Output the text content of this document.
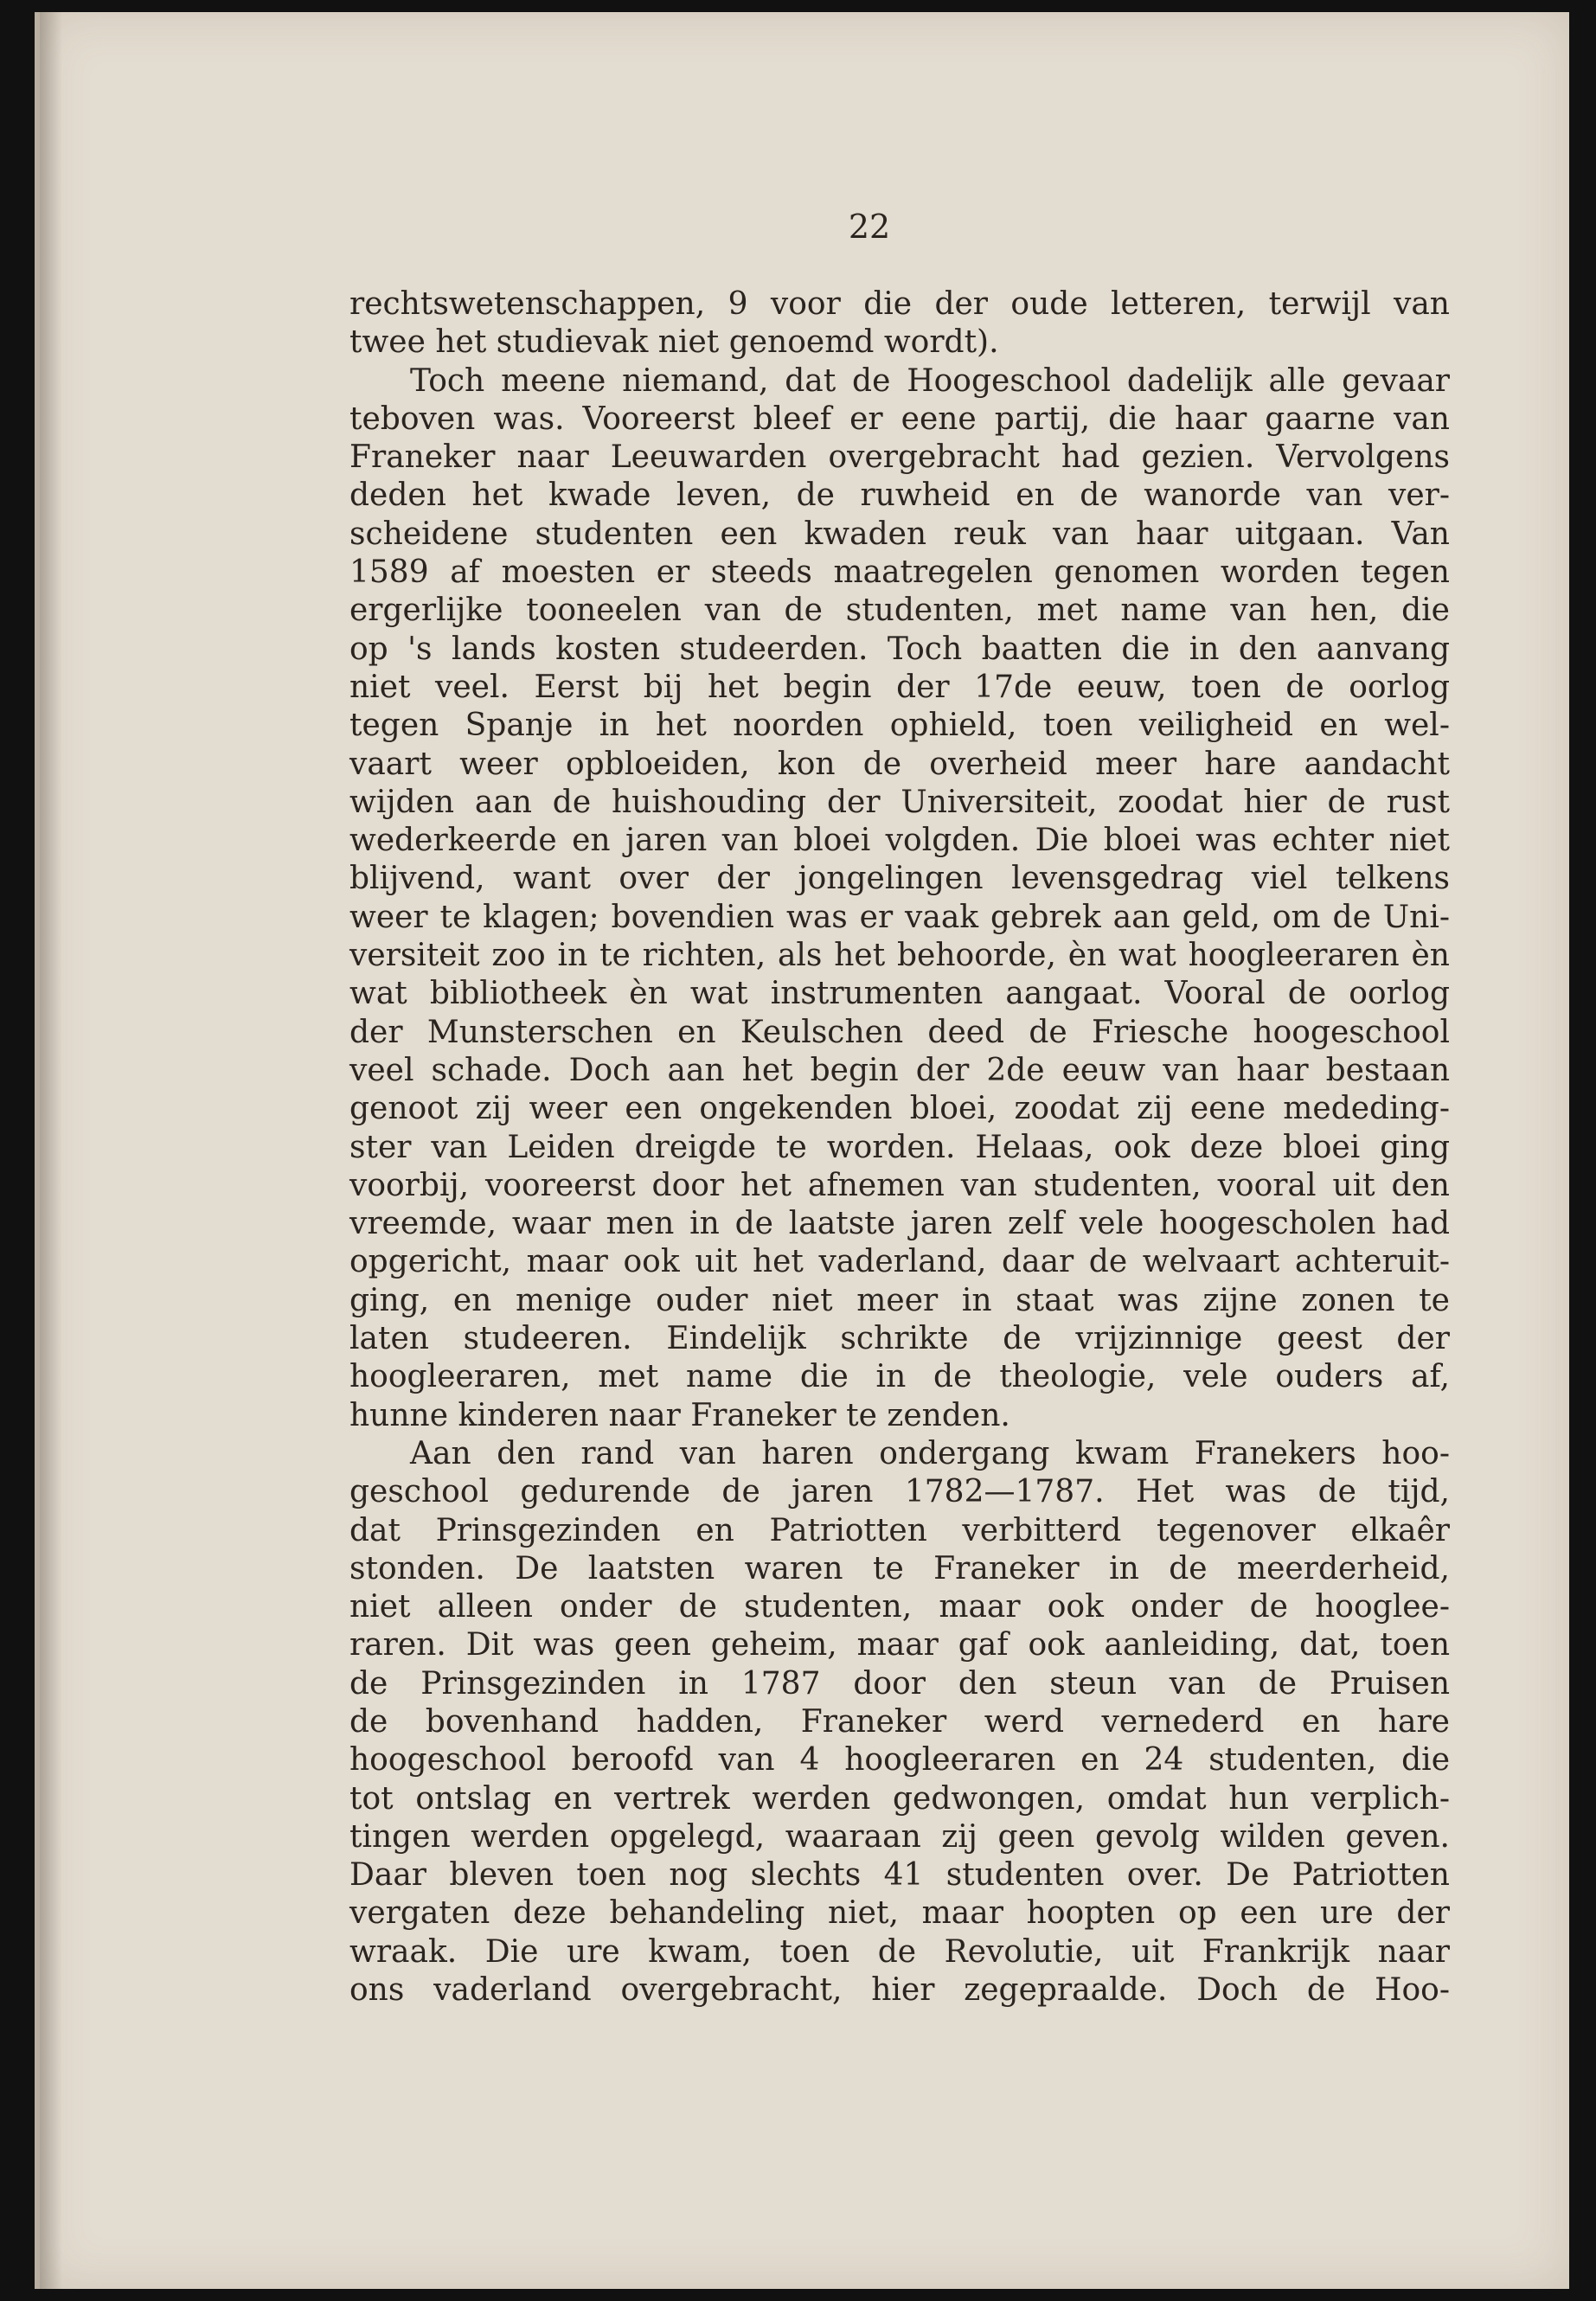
22
rechtswetenschappen, 9 voor die der oude letteren, terwijl van
twee het studievak niet genoemd wordt).
Toch meene niemand, dat de Hoogeschool dadelijk alle gevaar
teboven was. Vooreerst bleef er eene partij, die haar gaarne van
Franeker naar Leeuwarden overgebracht had gezien. Vervolgens
deden het kwade leven, de ruwheid en de wanorde van ver-
scheidene studenten een kwaden reuk van haar uitgaan. Van
1589 af moesten er steeds maatregelen genomen worden tegen
ergerlijke tooneelen van de studenten, met name van hen, die
op 's lands kosten studeerden. Toch baatten die in den aanvang
niet veel. Eerst bij het begin der 17de eeuw, toen de oorlog
tegen Spanje in het noorden ophield, toen veiligheid en wel-
vaart weer opbloeiden, kon de overheid meer hare aandacht
wijden aan de huishouding der Universiteit, zoodat hier de rust
wederkeerde en jaren van bloei volgden. Die bloei was echter niet
blijvend, want over der jongelingen levensgedrag viel telkens
weer te klagen; bovendien was er vaak gebrek aan geld, om de Uni-
versiteit zoo in te richten, als het behoorde, èn wat hoogleeraren èn
wat bibliotheek èn wat instrumenten aangaat. Vooral de oorlog
der Munsterschen en Keulschen deed de Friesche hoogeschool
veel schade. Doch aan het begin der 2de eeuw van haar bestaan
genoot zij weer een ongekenden bloei, zoodat zij eene mededing-
ster van Leiden dreigde te worden. Helaas, ook deze bloei ging
voorbij, vooreerst door het afnemen van studenten, vooral uit den
vreemde, waar men in de laatste jaren zelf vele hoogescholen had
opgericht, maar ook uit het vaderland, daar de welvaart achteruit-
ging, en menige ouder niet meer in staat was zijne zonen te
laten studeeren. Eindelijk schrikte de vrijzinnige geest der
hoogleeraren, met name die in de theologie, vele ouders af,
hunne kinderen naar Franeker te zenden.
Aan den rand van haren ondergang kwam Franekers hoo-
geschool gedurende de jaren 1782—1787. Het was de tijd,
dat Prinsgezinden en Patriotten verbitterd tegenover elkaêr
stonden. De laatsten waren te Franeker in de meerderheid,
niet alleen onder de studenten, maar ook onder de hooglee-
raren. Dit was geen geheim, maar gaf ook aanleiding, dat, toen
de Prinsgezinden in 1787 door den steun van de Pruisen
de bovenhand hadden, Franeker werd vernederd en hare
hoogeschool beroofd van 4 hoogleeraren en 24 studenten, die
tot ontslag en vertrek werden gedwongen, omdat hun verplich-
tingen werden opgelegd, waaraan zij geen gevolg wilden geven.
Daar bleven toen nog slechts 41 studenten over. De Patriotten
vergaten deze behandeling niet, maar hoopten op een ure der
wraak. Die ure kwam, toen de Revolutie, uit Frankrijk naar
ons vaderland overgebracht, hier zegepraalde. Doch de Hoo-
